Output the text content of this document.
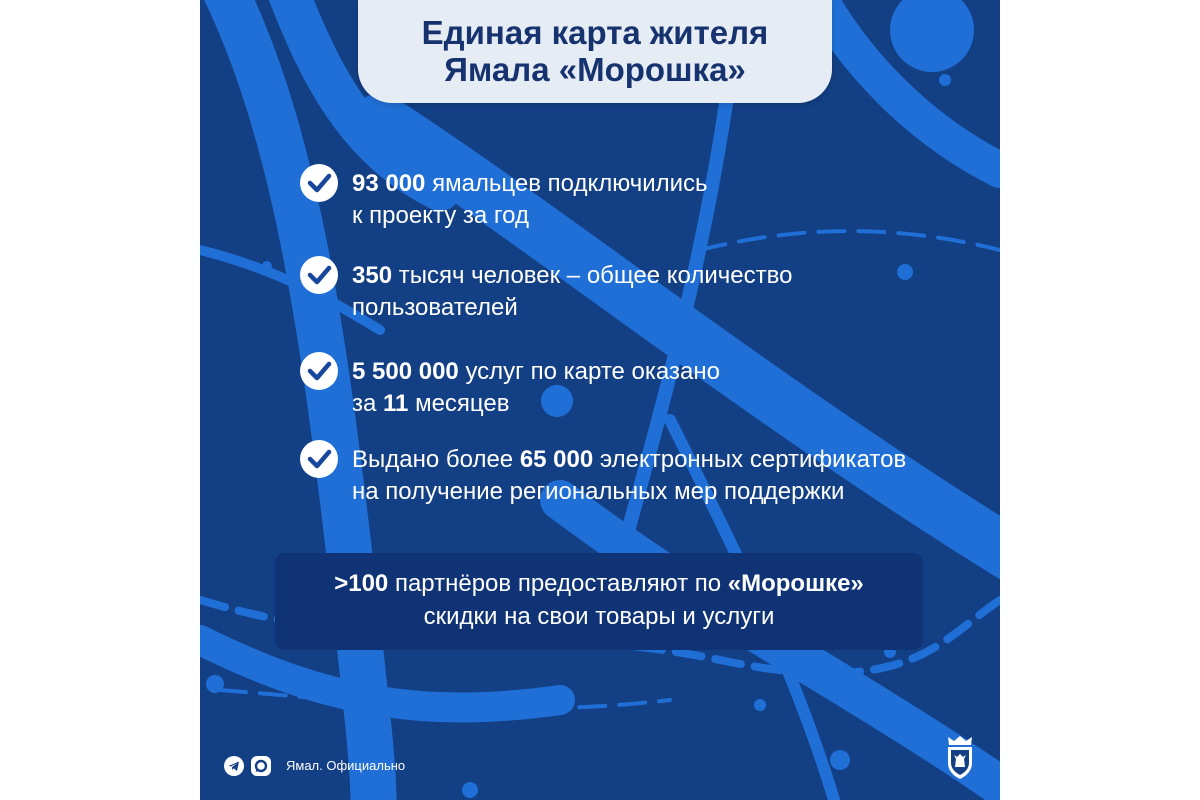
Единая карта жителя
Ямала «Морошка»
93 000 ямальцев подключились
к проекту за год
350 тысяч человек – общее количество
пользователей
5 500 000 услуг по карте оказано
за 11 месяцев
Выдано более 65 000 электронных сертификатов
на получение региональных мер поддержки
>100 партнёров предоставляют по «Морошке»
скидки на свои товары и услуги
Ямал. Официально
